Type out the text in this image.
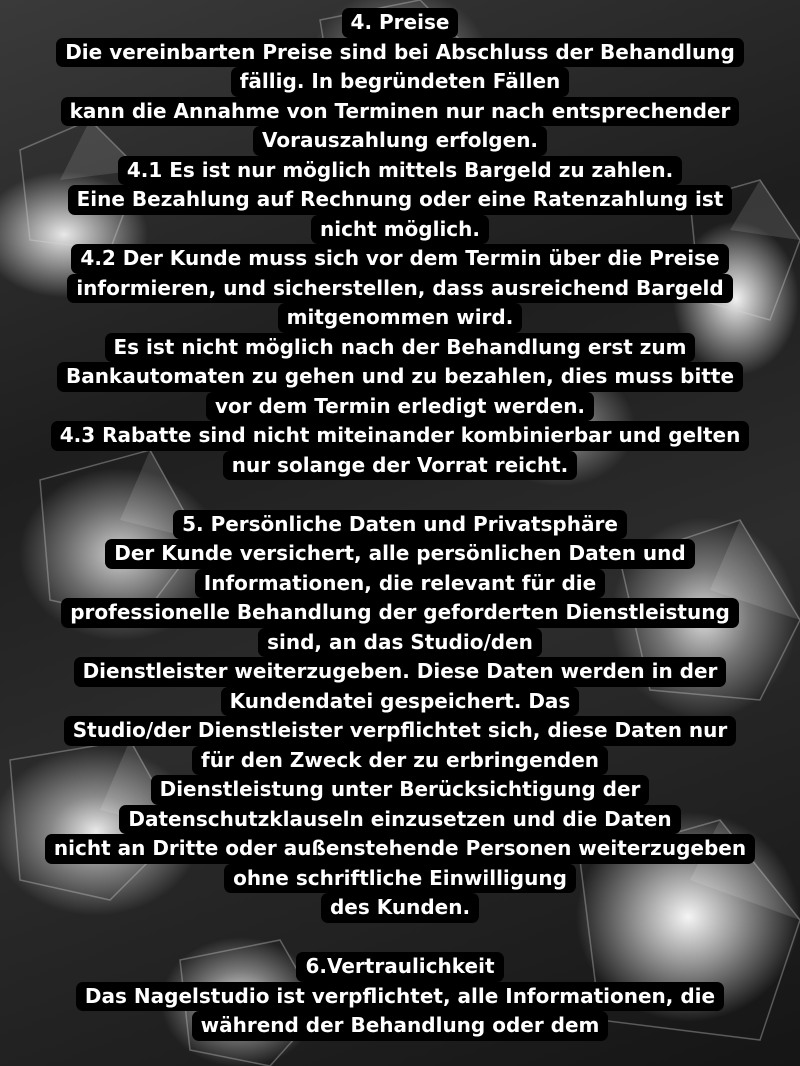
4. Preise
Die vereinbarten Preise sind bei Abschluss der Behandlung
fällig. In begründeten Fällen
kann die Annahme von Terminen nur nach entsprechender
Vorauszahlung erfolgen.
4.1 Es ist nur möglich mittels Bargeld zu zahlen.
Eine Bezahlung auf Rechnung oder eine Ratenzahlung ist
nicht möglich.
4.2 Der Kunde muss sich vor dem Termin über die Preise
informieren, und sicherstellen, dass ausreichend Bargeld
mitgenommen wird.
Es ist nicht möglich nach der Behandlung erst zum
Bankautomaten zu gehen und zu bezahlen, dies muss bitte
vor dem Termin erledigt werden.
4.3 Rabatte sind nicht miteinander kombinierbar und gelten
nur solange der Vorrat reicht.
5. Persönliche Daten und Privatsphäre
Der Kunde versichert, alle persönlichen Daten und
Informationen, die relevant für die
professionelle Behandlung der geforderten Dienstleistung
sind, an das Studio/den
Dienstleister weiterzugeben. Diese Daten werden in der
Kundendatei gespeichert. Das
Studio/der Dienstleister verpflichtet sich, diese Daten nur
für den Zweck der zu erbringenden
Dienstleistung unter Berücksichtigung der
Datenschutzklauseln einzusetzen und die Daten
nicht an Dritte oder außenstehende Personen weiterzugeben
ohne schriftliche Einwilligung
des Kunden.
6.Vertraulichkeit
Das Nagelstudio ist verpflichtet, alle Informationen, die
während der Behandlung oder dem
